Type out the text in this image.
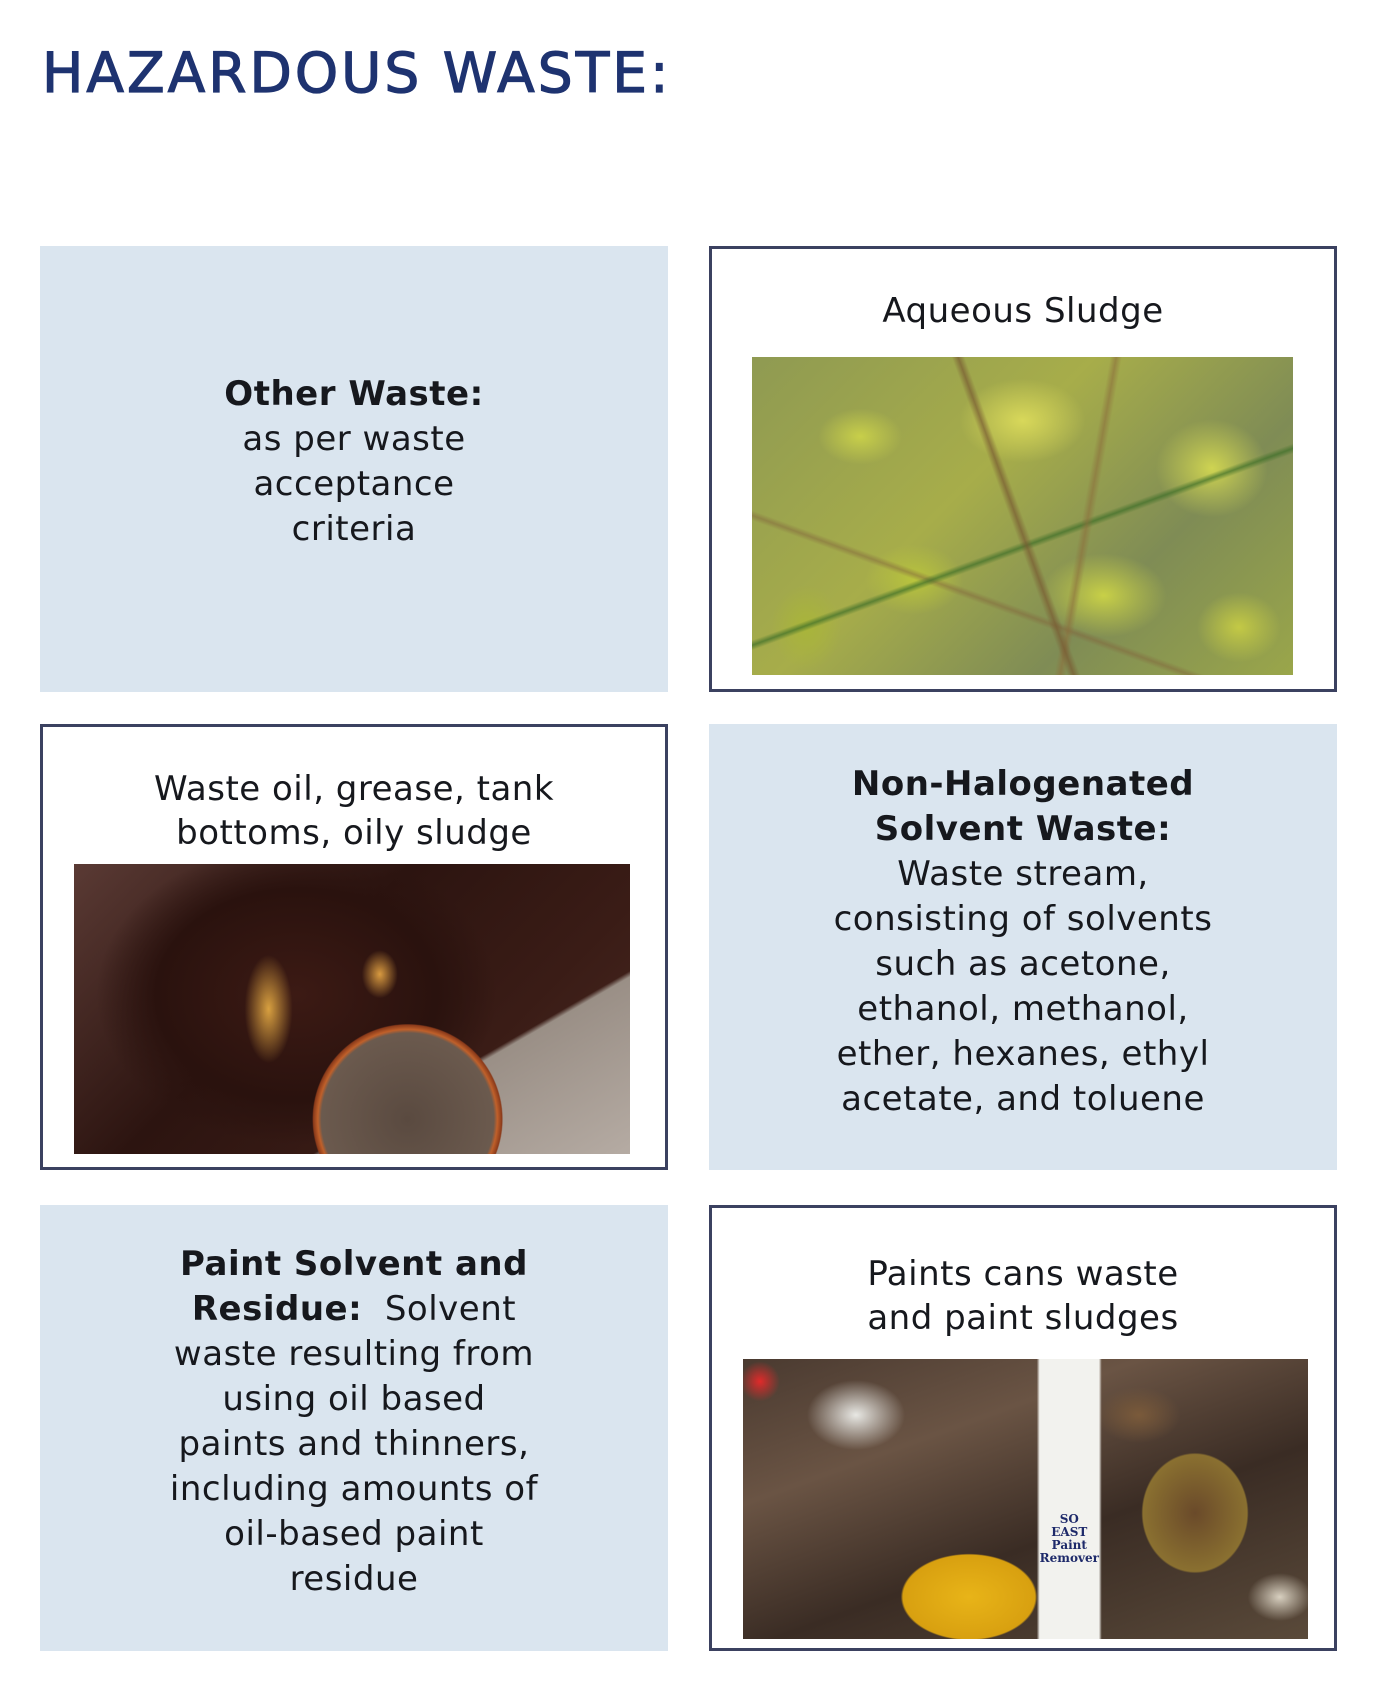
HAZARDOUS WASTE:
Other Waste:
as per waste
acceptance
criteria
Aqueous Sludge
Waste oil, grease, tank
bottoms, oily sludge
Non-Halogenated
Solvent Waste:
Waste stream,
consisting of solvents
such as acetone,
ethanol, methanol,
ether, hexanes, ethyl
acetate, and toluene
Paint Solvent and
Residue: Solvent
waste resulting from
using oil based
paints and thinners,
including amounts of
oil-based paint
residue
Paints cans waste
and paint sludges
SO
EAST
Paint
Remover
